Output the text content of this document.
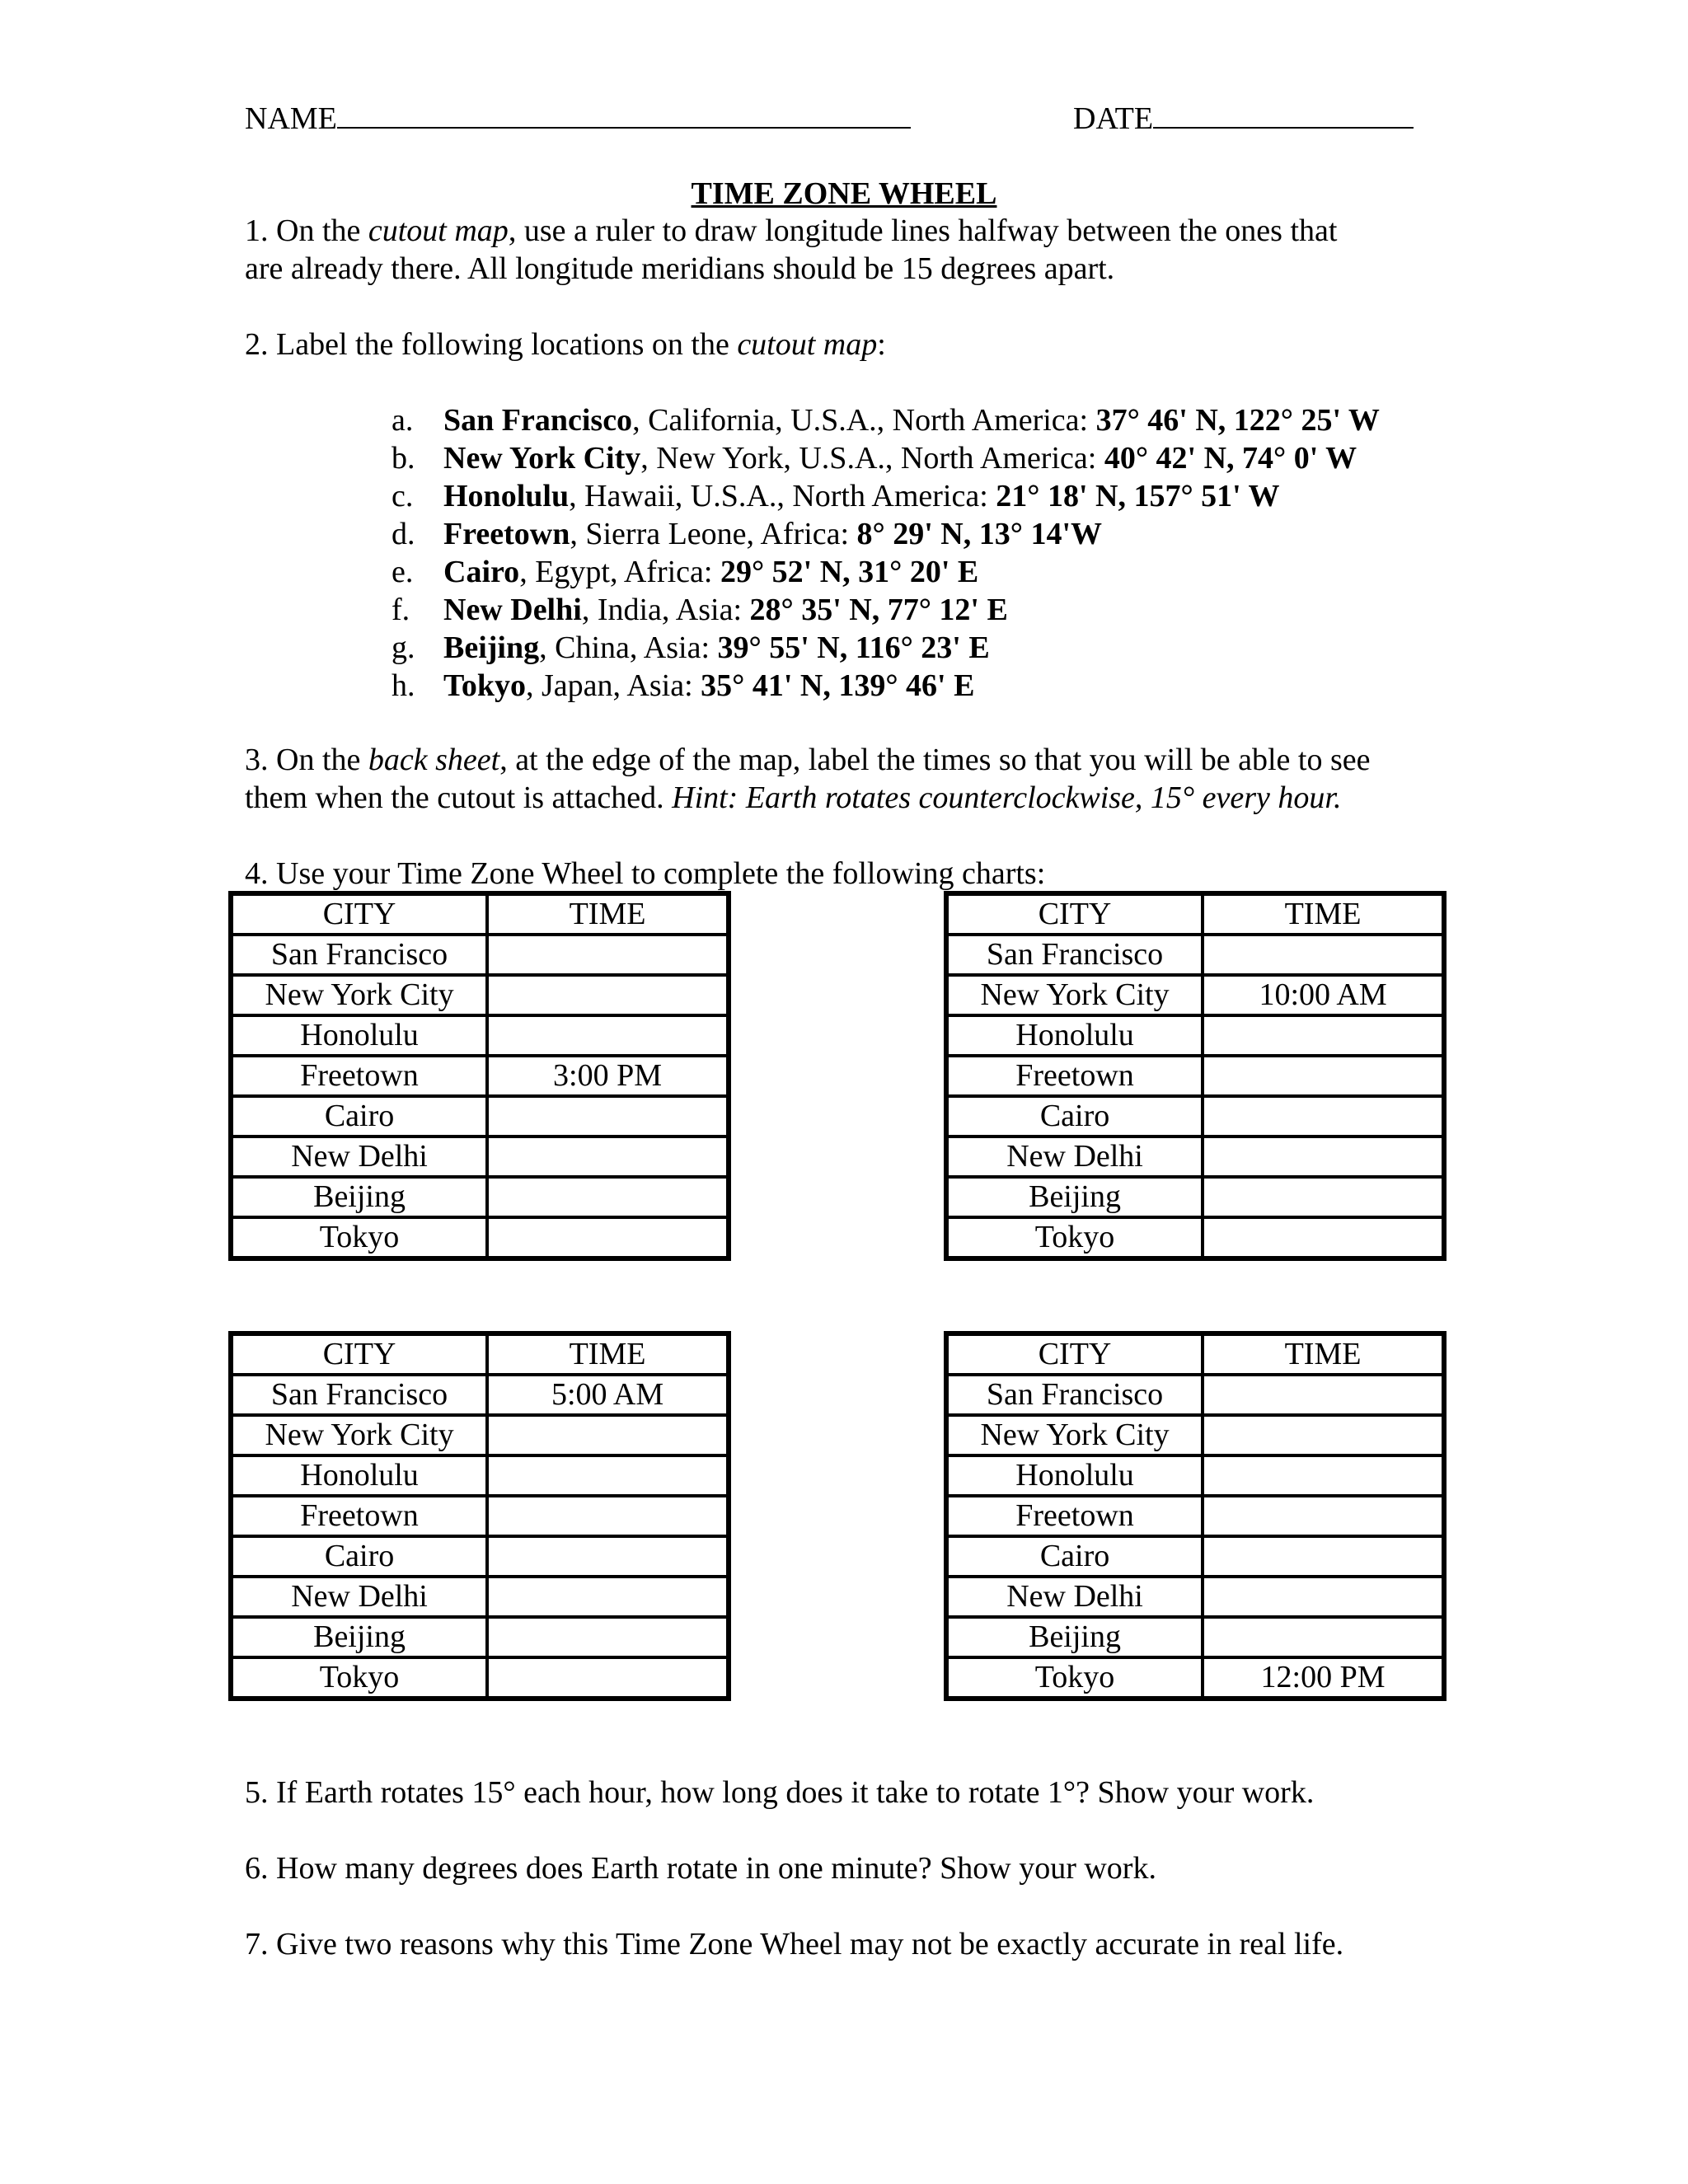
NAME	DATE
TIME ZONE WHEEL
1. On the cutout map, use a ruler to draw longitude lines halfway between the ones that
are already there. All longitude meridians should be 15 degrees apart.
2. Label the following locations on the cutout map:
a. San Francisco, California, U.S.A., North America: 37° 46' N, 122° 25' W
b. New York City, New York, U.S.A., North America: 40° 42' N, 74° 0' W
c. Honolulu, Hawaii, U.S.A., North America: 21° 18' N, 157° 51' W
d. Freetown, Sierra Leone, Africa: 8° 29' N, 13° 14'W
e. Cairo, Egypt, Africa: 29° 52' N, 31° 20' E
f. New Delhi, India, Asia: 28° 35' N, 77° 12' E
g. Beijing, China, Asia: 39° 55' N, 116° 23' E
h. Tokyo, Japan, Asia: 35° 41' N, 139° 46' E
3. On the back sheet, at the edge of the map, label the times so that you will be able to see
them when the cutout is attached. Hint: Earth rotates counterclockwise, 15° every hour.
4. Use your Time Zone Wheel to complete the following charts:
CITY	TIME
San Francisco	
New York City	
Honolulu	
Freetown	3:00 PM
Cairo	
New Delhi	
Beijing	
Tokyo	
CITY	TIME
San Francisco	
New York City	10:00 AM
Honolulu	
Freetown	
Cairo	
New Delhi	
Beijing	
Tokyo	
CITY	TIME
San Francisco	5:00 AM
New York City	
Honolulu	
Freetown	
Cairo	
New Delhi	
Beijing	
Tokyo	
CITY	TIME
San Francisco	
New York City	
Honolulu	
Freetown	
Cairo	
New Delhi	
Beijing	
Tokyo	12:00 PM
5. If Earth rotates 15° each hour, how long does it take to rotate 1°? Show your work.
6. How many degrees does Earth rotate in one minute? Show your work.
7. Give two reasons why this Time Zone Wheel may not be exactly accurate in real life.
